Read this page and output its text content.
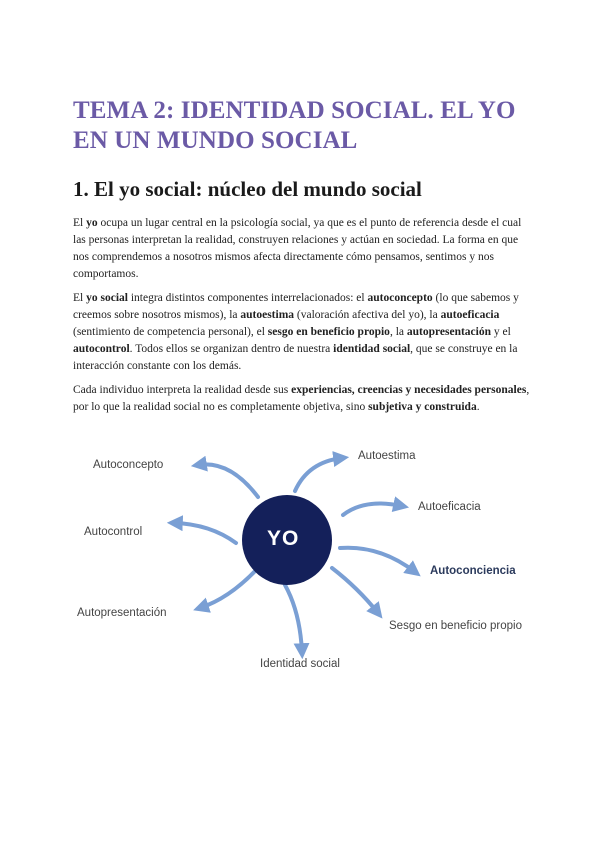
TEMA 2: IDENTIDAD SOCIAL. EL YO EN UN MUNDO SOCIAL
1. El yo social: núcleo del mundo social

El yo ocupa un lugar central en la psicología social, ya que es el punto de referencia desde el cual las personas interpretan la realidad, construyen relaciones y actúan en sociedad. La forma en que nos comprendemos a nosotros mismos afecta directamente cómo pensamos, sentimos y nos comportamos.

El yo social integra distintos componentes interrelacionados: el autoconcepto (lo que sabemos y creemos sobre nosotros mismos), la autoestima (valoración afectiva del yo), la autoeficacia (sentimiento de competencia personal), el sesgo en beneficio propio, la autopresentación y el autocontrol. Todos ellos se organizan dentro de nuestra identidad social, que se construye en la interacción constante con los demás.

Cada individuo interpreta la realidad desde sus experiencias, creencias y necesidades personales, por lo que la realidad social no es completamente objetiva, sino subjetiva y construida.

YO
Autoconcepto
Autoestima
Autocontrol
Autoeficacia
Autoconciencia
Autopresentación
Sesgo en beneficio propio
Identidad social
